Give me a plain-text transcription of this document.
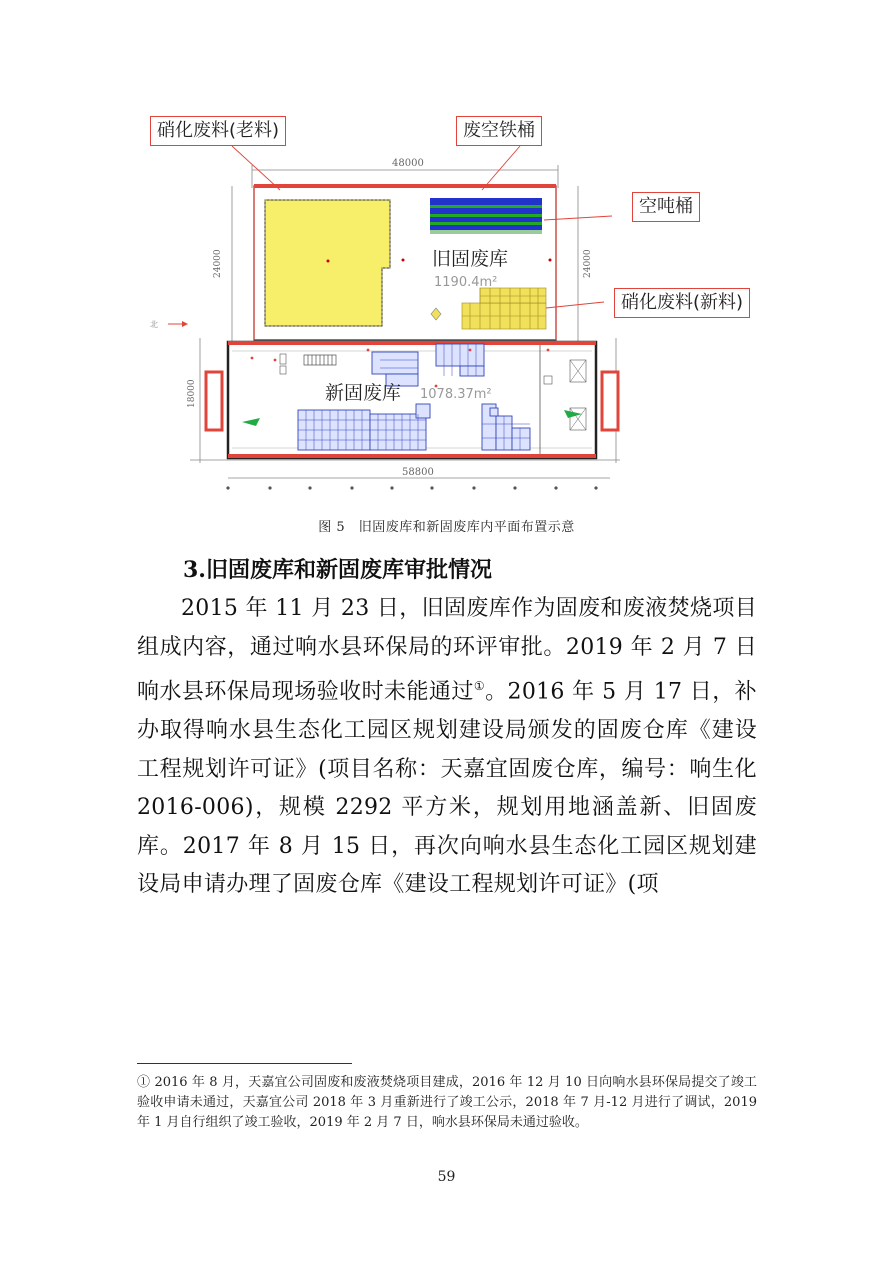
48000
58800
24000	24000
18000
旧固废库
1190.4m²
北
新固废库 1078.37m²
硝化废料(老料)	废空铁桶
空吨桶
硝化废料(新料)
图 5　旧固废库和新固废库内平面布置示意
3.旧固废库和新固废库审批情况

2015 年 11 月 23 日，旧固废库作为固废和废液焚烧项目组成内容，通过响水县环保局的环评审批。2019 年 2 月 7 日响水县环保局现场验收时未能通过①。2016 年 5 月 17 日，补办取得响水县生态化工园区规划建设局颁发的固废仓库《建设工程规划许可证》(项目名称：天嘉宜固废仓库，编号：响生化 2016-006)，规模 2292 平方米，规划用地涵盖新、旧固废库。2017 年 8 月 15 日，再次向响水县生态化工园区规划建设局申请办理了固废仓库《建设工程规划许可证》(项

① 2016 年 8 月，天嘉宜公司固废和废液焚烧项目建成，2016 年 12 月 10 日向响水县环保局提交了竣工验收申请未通过，天嘉宜公司 2018 年 3 月重新进行了竣工公示，2018 年 7 月-12 月进行了调试，2019 年 1 月自行组织了竣工验收，2019 年 2 月 7 日，响水县环保局未通过验收。
59
